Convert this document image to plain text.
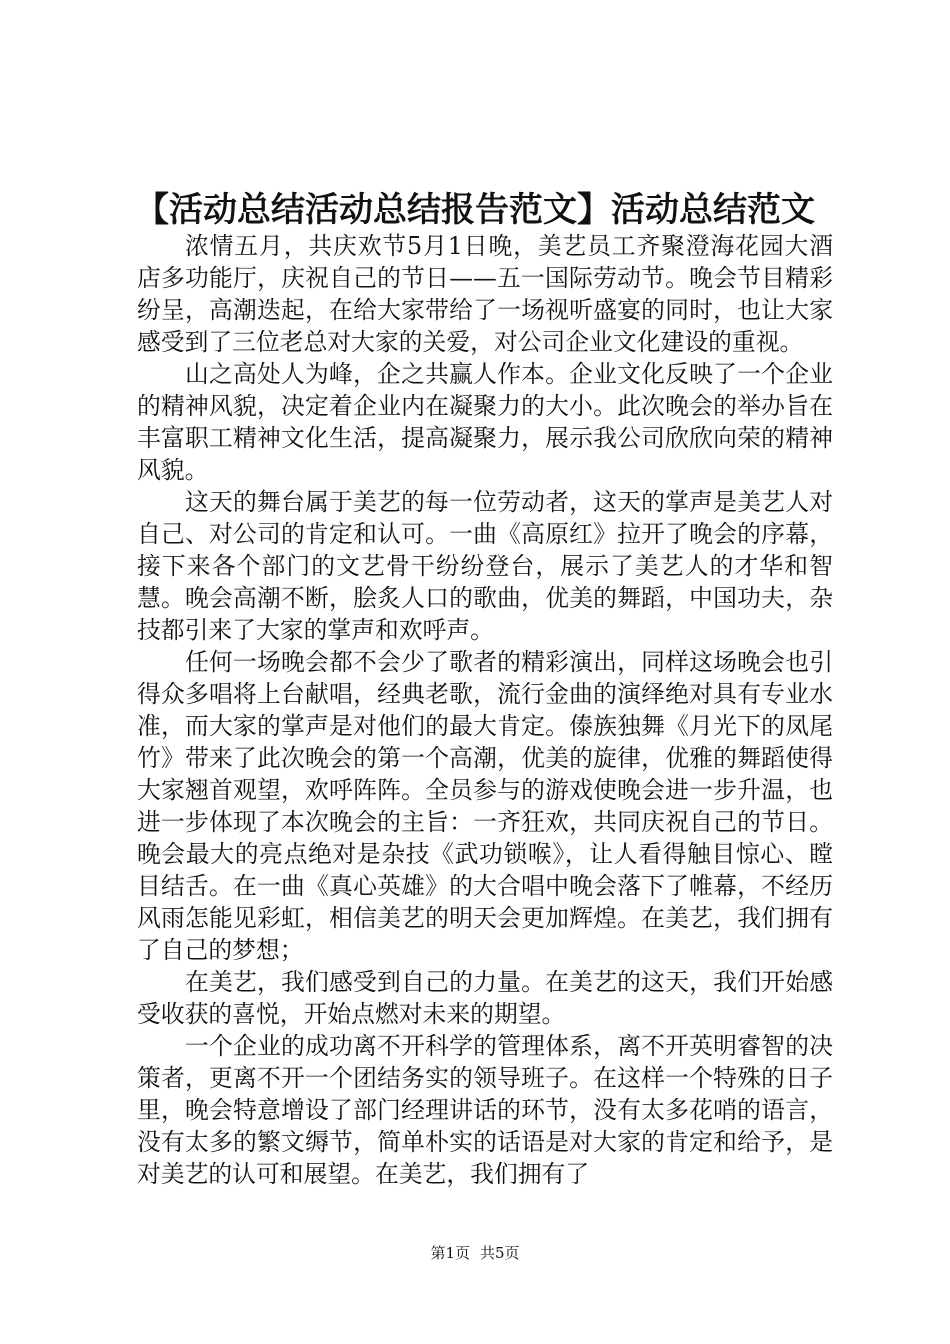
【活动总结活动总结报告范文】活动总结范文

浓情五月，共庆欢节5月1日晚，美艺员工齐聚澄海花园大酒店多功能厅，庆祝自己的节日——五一国际劳动节。晚会节目精彩纷呈，高潮迭起，在给大家带给了一场视听盛宴的同时，也让大家感受到了三位老总对大家的关爱，对公司企业文化建设的重视。

山之高处人为峰，企之共赢人作本。企业文化反映了一个企业的精神风貌，决定着企业内在凝聚力的大小。此次晚会的举办旨在丰富职工精神文化生活，提高凝聚力，展示我公司欣欣向荣的精神风貌。

这天的舞台属于美艺的每一位劳动者，这天的掌声是美艺人对自己、对公司的肯定和认可。一曲《高原红》拉开了晚会的序幕，接下来各个部门的文艺骨干纷纷登台，展示了美艺人的才华和智慧。晚会高潮不断，脍炙人口的歌曲，优美的舞蹈，中国功夫，杂技都引来了大家的掌声和欢呼声。

任何一场晚会都不会少了歌者的精彩演出，同样这场晚会也引得众多唱将上台献唱，经典老歌，流行金曲的演绎绝对具有专业水准，而大家的掌声是对他们的最大肯定。傣族独舞《月光下的凤尾竹》带来了此次晚会的第一个高潮，优美的旋律，优雅的舞蹈使得大家翘首观望，欢呼阵阵。全员参与的游戏使晚会进一步升温，也进一步体现了本次晚会的主旨：一齐狂欢，共同庆祝自己的节日。晚会最大的亮点绝对是杂技《武功锁喉》，让人看得触目惊心、瞠目结舌。在一曲《真心英雄》的大合唱中晚会落下了帷幕，不经历风雨怎能见彩虹，相信美艺的明天会更加辉煌。在美艺，我们拥有了自己的梦想；

在美艺，我们感受到自己的力量。在美艺的这天，我们开始感受收获的喜悦，开始点燃对未来的期望。

一个企业的成功离不开科学的管理体系，离不开英明睿智的决策者，更离不开一个团结务实的领导班子。在这样一个特殊的日子里，晚会特意增设了部门经理讲话的环节，没有太多花哨的语言，没有太多的繁文缛节，简单朴实的话语是对大家的肯定和给予，是对美艺的认可和展望。在美艺，我们拥有了

第1页 共5页
